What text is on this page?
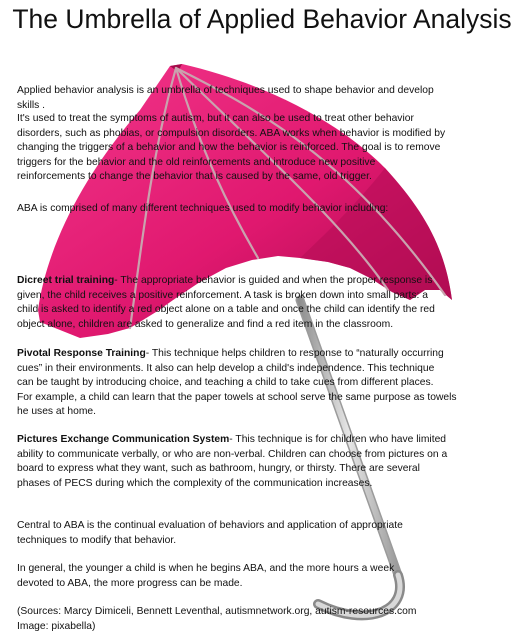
The Umbrella of Applied Behavior Analysis
Applied behavior analysis is an umbrella of techniques used to shape behavior and develop
skills .
It's used to treat the symptoms of autism, but it can also be used to treat other behavior
disorders, such as phobias, or compulsion disorders. ABA works when behavior is modified by
changing the triggers of a behavior and how the behavior is reinforced. The goal is to remove
triggers for the behavior and the old reinforcements and introduce new positive
reinforcements to change the behavior that is caused by the same, old trigger.
ABA is comprised of many different techniques used to modify behavior including:
Dicreet trial training- The appropriate behavior is guided and when the proper response is
given, the child receives a positive reinforcement. A task is broken down into small parts: a
child is asked to identify a red object alone on a table and once the child can identify the red
object alone, children are asked to generalize and find a red item in the classroom.
Pivotal Response Training- This technique helps children to response to “naturally occurring
cues” in their environments. It also can help develop a child's independence. This technique
can be taught by introducing choice, and teaching a child to take cues from different places.
For example, a child can learn that the paper towels at school serve the same purpose as towels
he uses at home.
Pictures Exchange Communication System- This technique is for children who have limited
ability to communicate verbally, or who are non-verbal. Children can choose from pictures on a
board to express what they want, such as bathroom, hungry, or thirsty. There are several
phases of PECS during which the complexity of the communication increases.
Central to ABA is the continual evaluation of behaviors and application of appropriate
techniques to modify that behavior.
In general, the younger a child is when he begins ABA, and the more hours a week
devoted to ABA, the more progress can be made.
(Sources: Marcy Dimiceli, Bennett Leventhal, autismnetwork.org, autism-resources.com
Image: pixabella)
